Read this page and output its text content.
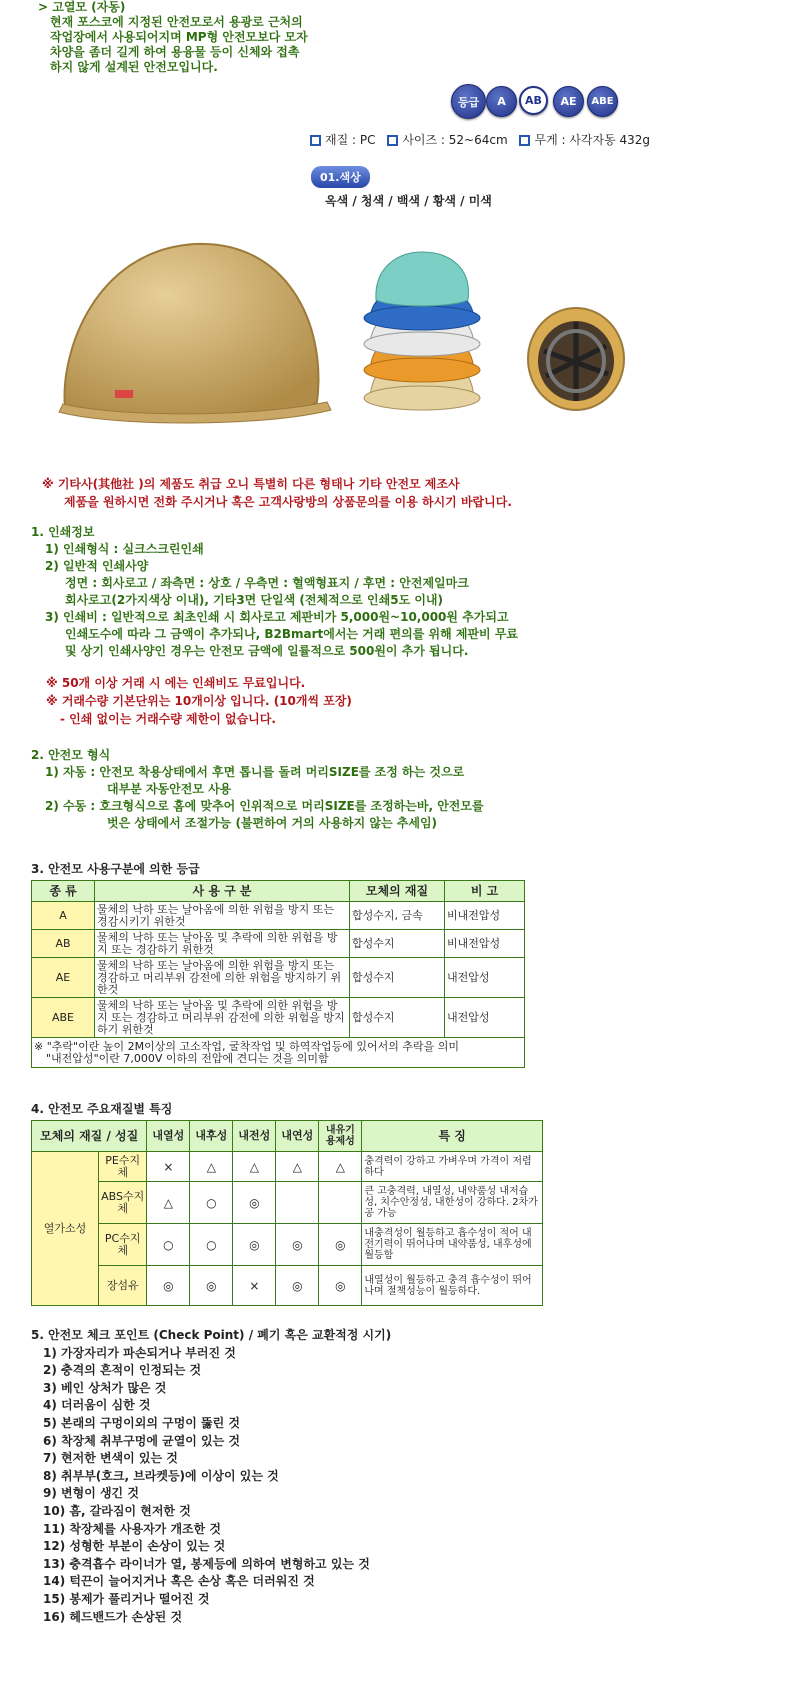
> 고열모 (자동)
현재 포스코에 지정된 안전모로서 용광로 근처의
작업장에서 사용되어지며 MP형 안전모보다 모자
차양을 좀더 길게 하여 용융물 등이 신체와 접촉
하지 않게 설계된 안전모입니다.
등급	A	AB	AE	ABE
재질 : PC 사이즈 : 52~64cm 무게 : 사각자동 432g
01.색상
옥색 / 청색 / 백색 / 황색 / 미색
※ 기타사(其他社 )의 제품도 취급 오니 특별히 다른 형태나 기타 안전모 제조사
제품을 원하시면 전화 주시거나 혹은 고객사랑방의 상품문의를 이용 하시기 바랍니다.
1. 인쇄정보
1) 인쇄형식 : 실크스크린인쇄
2) 일반적 인쇄사양
정면 : 회사로고 / 좌측면 : 상호 / 우측면 : 혈액형표지 / 후면 : 안전제일마크
회사로고(2가지색상 이내), 기타3면 단일색 (전체적으로 인쇄5도 이내)
3) 인쇄비 : 일반적으로 최초인쇄 시 회사로고 제판비가 5,000원~10,000원 추가되고
인쇄도수에 따라 그 금액이 추가되나, B2Bmart에서는 거래 편의를 위해 제판비 무료
및 상기 인쇄사양인 경우는 안전모 금액에 일률적으로 500원이 추가 됩니다.
※ 50개 이상 거래 시 에는 인쇄비도 무료입니다.
※ 거래수량 기본단위는 10개이상 입니다. (10개씩 포장)
- 인쇄 없이는 거래수량 제한이 없습니다.
2. 안전모 형식
1) 자동 : 안전모 착용상태에서 후면 톱니를 돌려 머리SIZE를 조정 하는 것으로
대부분 자동안전모 사용
2) 수동 : 호크형식으로 홈에 맞추어 인위적으로 머리SIZE를 조정하는바, 안전모를
벗은 상태에서 조절가능 (불편하여 거의 사용하지 않는 추세임)
3. 안전모 사용구분에 의한 등급
종 류	사 용 구 분	모체의 재질	비 고
A	물체의 낙하 또는 날아옴에 의한 위험을 방지 또는 경감시키기 위한것	합성수지, 금속	비내전압성
AB	물체의 낙하 또는 날아옴 및 추락에 의한 위험을 방지 또는 경감하기 위한것	합성수지	비내전압성
AE	물체의 낙하 또는 날아옴에 의한 위험을 방지 또는 경감하고 머리부위 감전에 의한 위험을 방지하기 위한것	합성수지	내전압성
ABE	물체의 낙하 또는 날아옴 및 추락에 의한 위험을 방지 또는 경감하고 머리부위 감전에 의한 위험을 방지하기 위한것	합성수지	내전압성

※ "추락"이란 높이 2M이상의 고소작업, 굴착작업 및 하역작업등에 있어서의 추락을 의미
"내전압성"이란 7,000V 이하의 전압에 견디는 것을 의미함			
4. 안전모 주요재질별 특징
모체의 재질 / 성질		내열성	내후성	내전성	내연성	내유기용제성	특 징
열가소성	PE수지체	×	△	△	△	△	충격력이 강하고 가벼우며 가격이 저렴하다
	ABS수지체	△	○	◎			큰 고충격력, 내열성, 내약품성 내저습성, 치수안정성, 내한성이 강하다. 2차가공 가능
	PC수지체	○	○	◎	◎	◎	내충격성이 월등하고 흡수성이 적어 내전기력이 뛰어나며 내약품성, 내후성에 월등함
	장섬유	◎	◎	×	◎	◎	내열성이 월등하고 충격 흡수성이 뛰어나며 절책성능이 월등하다.
5. 안전모 체크 포인트 (Check Point) / 폐기 혹은 교환적정 시기)
1) 가장자리가 파손되거나 부러진 것
2) 충격의 흔적이 인정되는 것
3) 베인 상처가 많은 것
4) 더러움이 심한 것
5) 본래의 구멍이외의 구멍이 뚫린 것
6) 착장체 취부구멍에 균열이 있는 것
7) 현저한 변색이 있는 것
8) 취부부(호크, 브라켓등)에 이상이 있는 것
9) 변형이 생긴 것
10) 흠, 갈라짐이 현저한 것
11) 착장체를 사용자가 개조한 것
12) 성형한 부분이 손상이 있는 것
13) 충격흡수 라이너가 열, 봉제등에 의하여 변형하고 있는 것
14) 턱끈이 늘어지거나 혹은 손상 혹은 더러워진 것
15) 봉제가 풀리거나 떨어진 것
16) 헤드밴드가 손상된 것
